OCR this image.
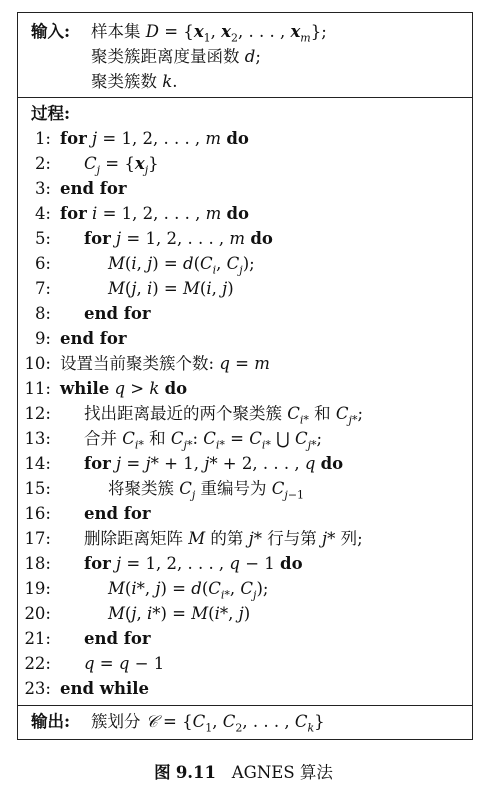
输入: 样本集 $D = \{x_1$, $x_2$, . . . , $x_m$};
聚类簇距离度量函数 d;
聚类簇数 k.
过程:
1: for j = 1, 2, . . . , m do
2: $C_j = \{x_j\}$
3: end for
4: for i = 1, 2, . . . , m do
5: for j = 1, 2, . . . , m do
6:	M(i, $j) = d(C_i$, $C_j$);
7:	M(j, i) = M(i, j)
8: end for
9: end for
10: 设置当前聚类簇个数: q = m
11: while q > k do
12: 找出距离最近的两个聚类簇 $C_{i*}$ 和 $C_{j*}$;
13: 合并 $C_{i*}$ 和 $C_{j*}$: $C_{i*} = C_{i*}$ ⋃ $C_{j*}$;
14: for j = j* + 1, j* + 2, . . . , q do
15:	将聚类簇 $C_j$ 重编号为 $C_{j-1}$
16: end for
17: 删除距离矩阵 M 的第 j* 行与第 j* 列;
18: for j = 1, 2, . . . , q − 1 do
19:	M(i*, $j) = d(C_{i*}$, $C_j$);
20:	M(j, i*) = M(i*, j)
21: end for
22: q = q − 1
23: end while
输出: 簇划分 𝒞 = {$C_1$, $C_2$, . . . , $C_k$}
图 9.11 AGNES 算法
